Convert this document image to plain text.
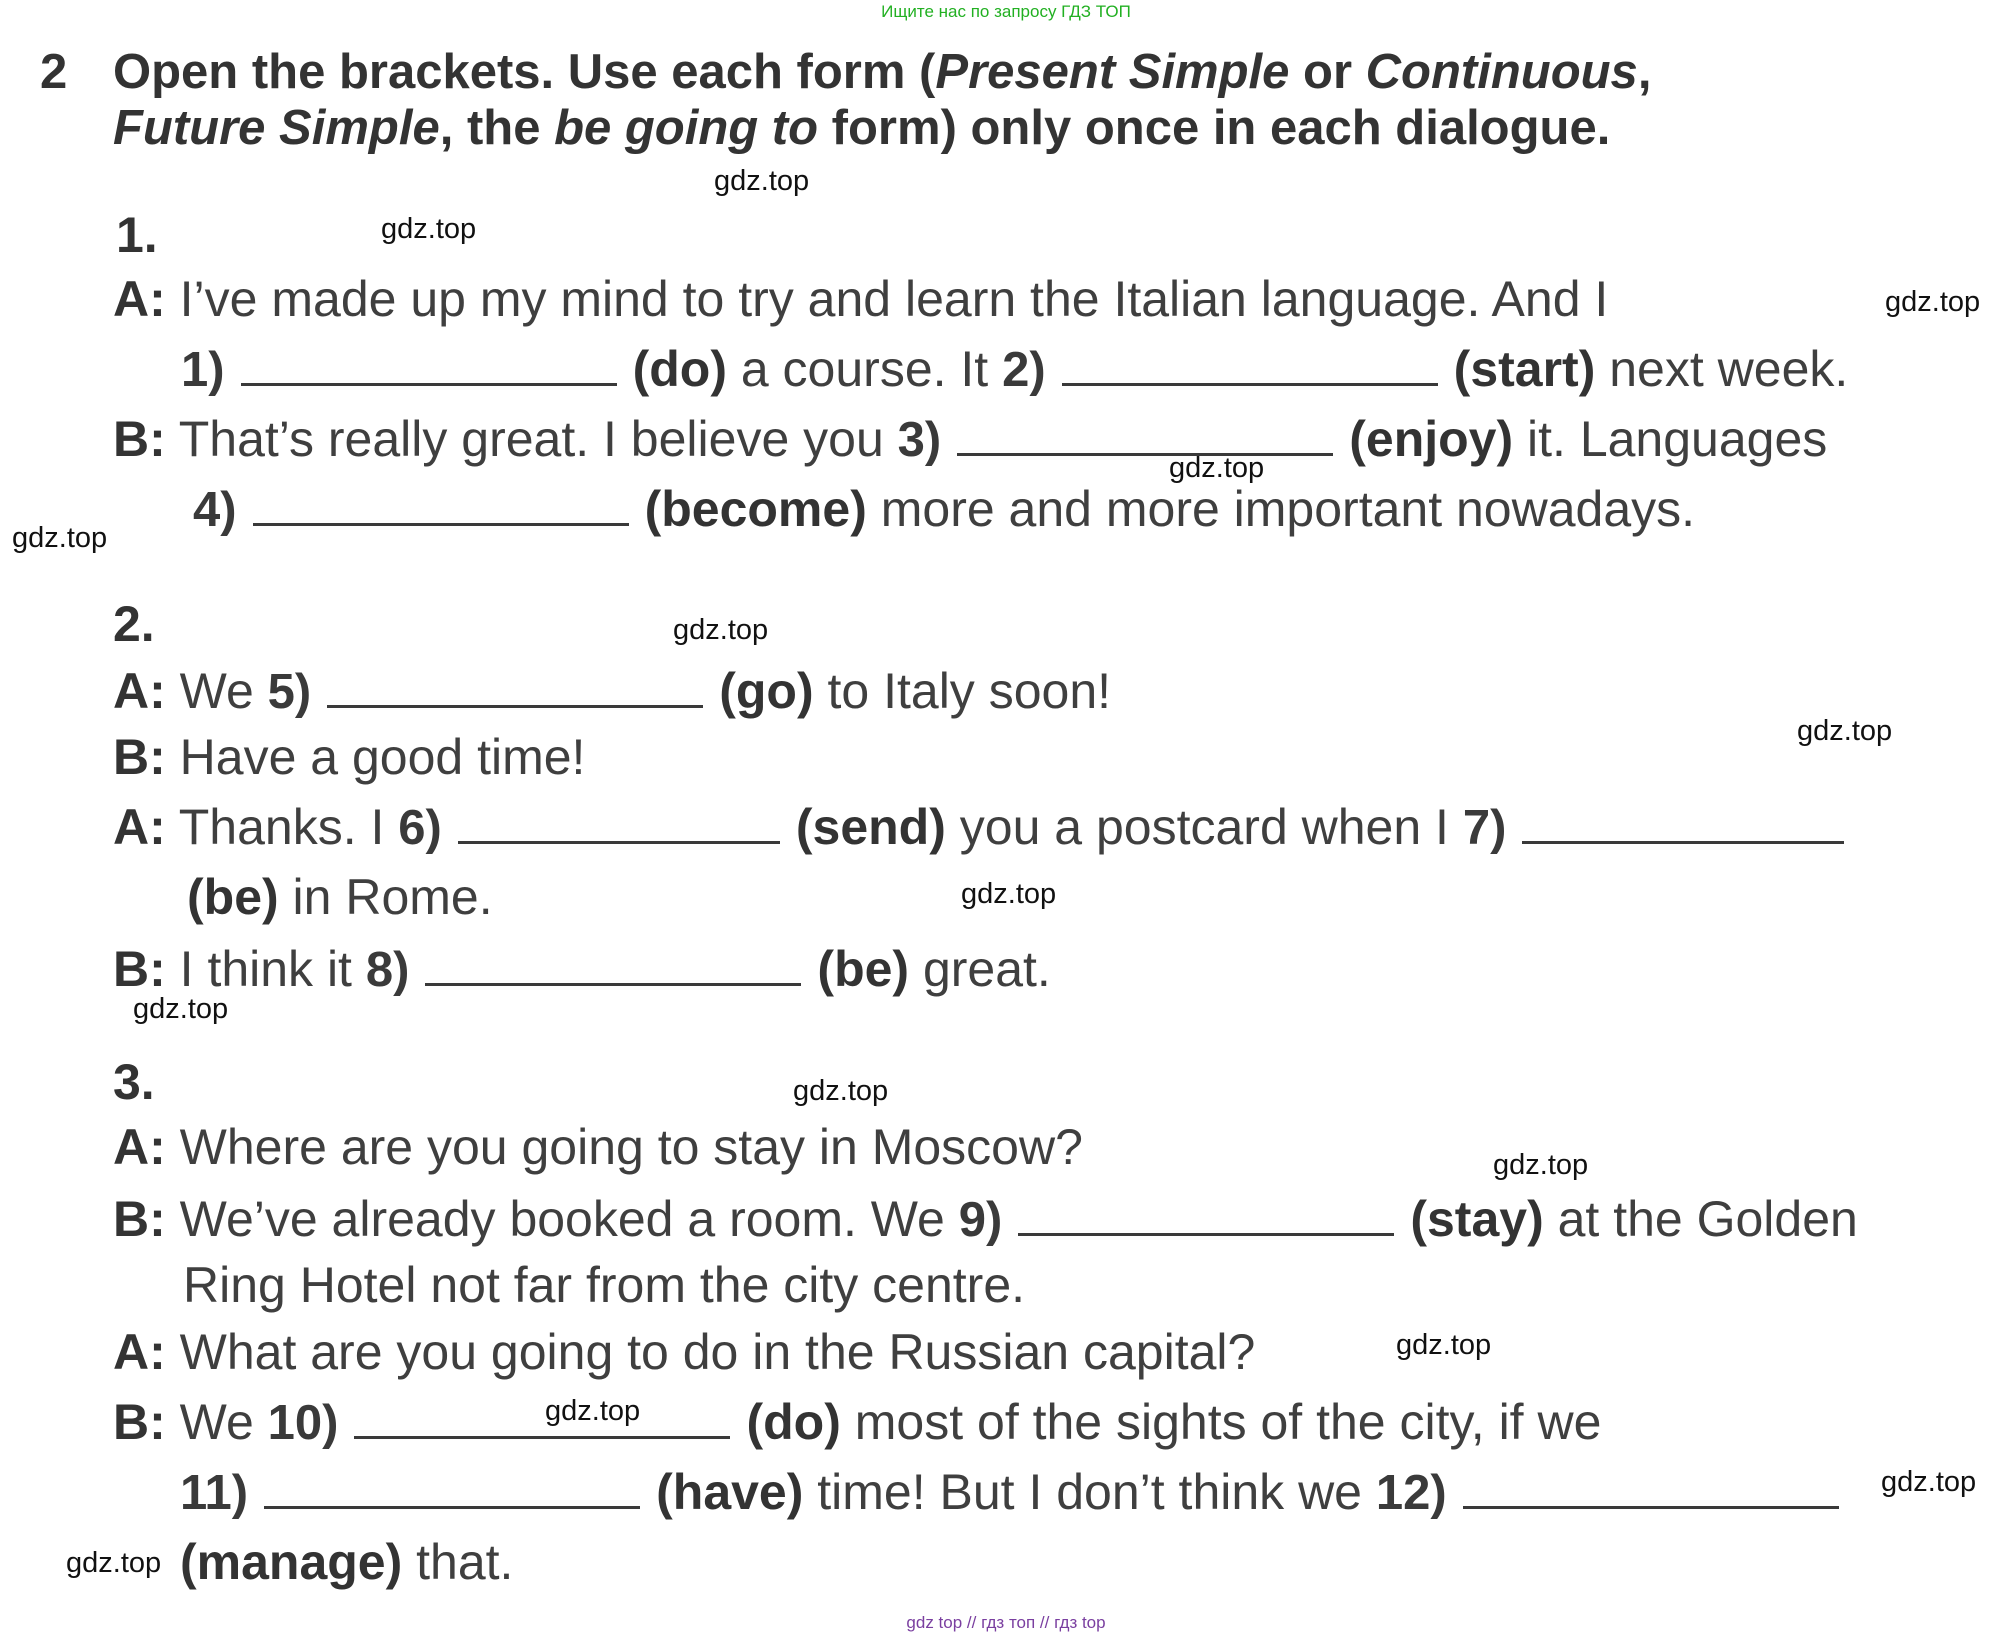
Ищите нас по запросу ГДЗ ТОП
2 Open the brackets. Use each form (Present Simple or Continuous,
Future Simple, the be going to form) only once in each dialogue.
1.
A: I’ve made up my mind to try and learn the Italian language. And I
1)	(do) a course. It 2)	(start) next week.
B: That’s really great. I believe you 3)	(enjoy) it. Languages
4)	(become) more and more important nowadays.
2.
A: We 5)	(go) to Italy soon!
B: Have a good time!
A: Thanks. I 6)	(send) you a postcard when I 7)
(be) in Rome.
B: I think it 8)	(be) great.
3.
A: Where are you going to stay in Moscow?
B: We’ve already booked a room. We 9)	(stay) at the Golden
Ring Hotel not far from the city centre.
A: What are you going to do in the Russian capital?
B: We 10)	(do) most of the sights of the city, if we
11)	(have) time! But I don’t think we 12)
(manage) that.
gdz.top
gdz.top
gdz.top
gdz.top
gdz.top
gdz.top
gdz.top
gdz.top
gdz.top
gdz.top
gdz.top
gdz.top
gdz.top
gdz.top
gdz.top
gdz top // гдз топ // гдз top
